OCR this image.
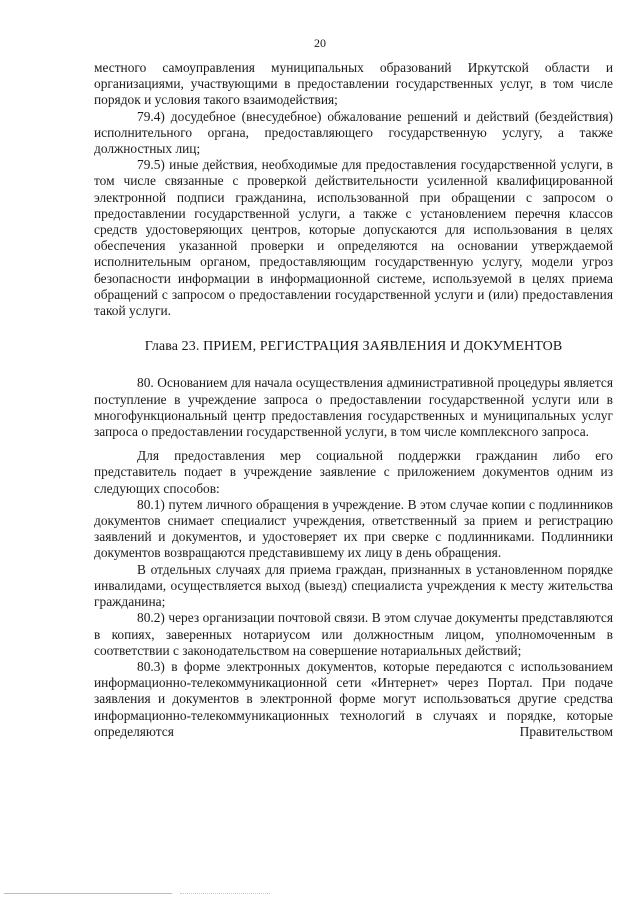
20

местного самоуправления муниципальных образований Иркутской области и организациями, участвующими в предоставлении государственных услуг, в том числе порядок и условия такого взаимодействия;

79.4) досудебное (внесудебное) обжалование решений и действий (бездействия) исполнительного органа, предоставляющего государственную услугу, а также должностных лиц;

79.5) иные действия, необходимые для предоставления государственной услуги, в том числе связанные с проверкой действительности усиленной квалифицированной электронной подписи гражданина, использованной при обращении с запросом о предоставлении государственной услуги, а также с установлением перечня классов средств удостоверяющих центров, которые допускаются для использования в целях обеспечения указанной проверки и определяются на основании утверждаемой исполнительным органом, предоставляющим государственную услугу, модели угроз безопасности информации в информационной системе, используемой в целях приема обращений с запросом о предоставлении государственной услуги и (или) предоставления такой услуги.

Глава 23. ПРИЕМ, РЕГИСТРАЦИЯ ЗАЯВЛЕНИЯ И ДОКУМЕНТОВ

80. Основанием для начала осуществления административной процедуры является поступление в учреждение запроса о предоставлении государственной услуги или в многофункциональный центр предоставления государственных и муниципальных услуг запроса о предоставлении государственной услуги, в том числе комплексного запроса.

Для предоставления мер социальной поддержки гражданин либо его представитель подает в учреждение заявление с приложением документов одним из следующих способов:

80.1) путем личного обращения в учреждение. В этом случае копии с подлинников документов снимает специалист учреждения, ответственный за прием и регистрацию заявлений и документов, и удостоверяет их при сверке с подлинниками. Подлинники документов возвращаются представившему их лицу в день обращения.

В отдельных случаях для приема граждан, признанных в установленном порядке инвалидами, осуществляется выход (выезд) специалиста учреждения к месту жительства гражданина;

80.2) через организации почтовой связи. В этом случае документы представляются в копиях, заверенных нотариусом или должностным лицом, уполномоченным в соответствии с законодательством на совершение нотариальных действий;

80.3) в форме электронных документов, которые передаются с использованием информационно-телекоммуникационной сети «Интернет» через Портал. При подаче заявления и документов в электронной форме могут использоваться другие средства информационно-телекоммуникационных технологий в случаях и порядке, которые определяются Правительством
